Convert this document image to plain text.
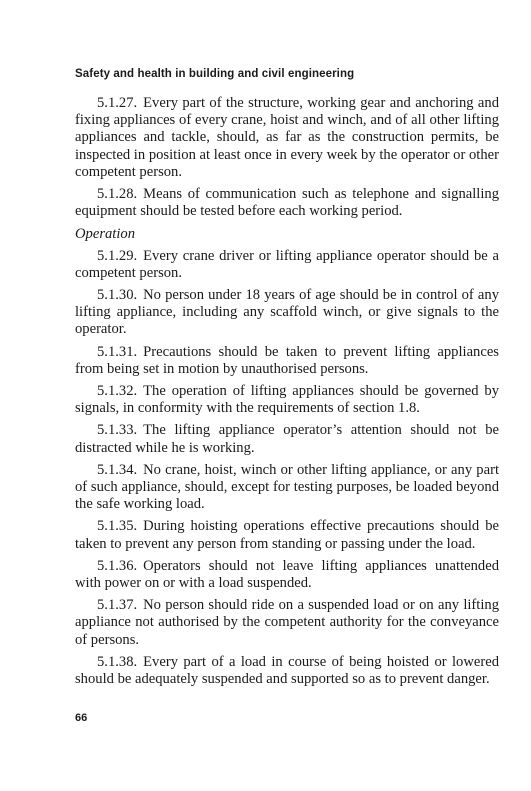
Safety and health in building and civil engineering

5.1.27. Every part of the structure, working gear and anchoring and fixing appliances of every crane, hoist and winch, and of all other lifting appliances and tackle, should, as far as the construction permits, be inspected in position at least once in every week by the operator or other competent person.

5.1.28. Means of communication such as telephone and signalling equipment should be tested before each working period.

Operation

5.1.29. Every crane driver or lifting appliance operator should be a competent person.

5.1.30. No person under 18 years of age should be in control of any lifting appliance, including any scaffold winch, or give signals to the operator.

5.1.31. Precautions should be taken to prevent lifting appliances from being set in motion by unauthorised persons.

5.1.32. The operation of lifting appliances should be governed by signals, in conformity with the requirements of section 1.8.

5.1.33. The lifting appliance operator’s attention should not be distracted while he is working.

5.1.34. No crane, hoist, winch or other lifting appliance, or any part of such appliance, should, except for testing purposes, be loaded beyond the safe working load.

5.1.35. During hoisting operations effective precautions should be taken to prevent any person from standing or passing under the load.

5.1.36. Operators should not leave lifting appliances unattended with power on or with a load suspended.

5.1.37. No person should ride on a suspended load or on any lifting appliance not authorised by the competent authority for the conveyance of persons.

5.1.38. Every part of a load in course of being hoisted or lowered should be adequately suspended and supported so as to prevent danger.

66
